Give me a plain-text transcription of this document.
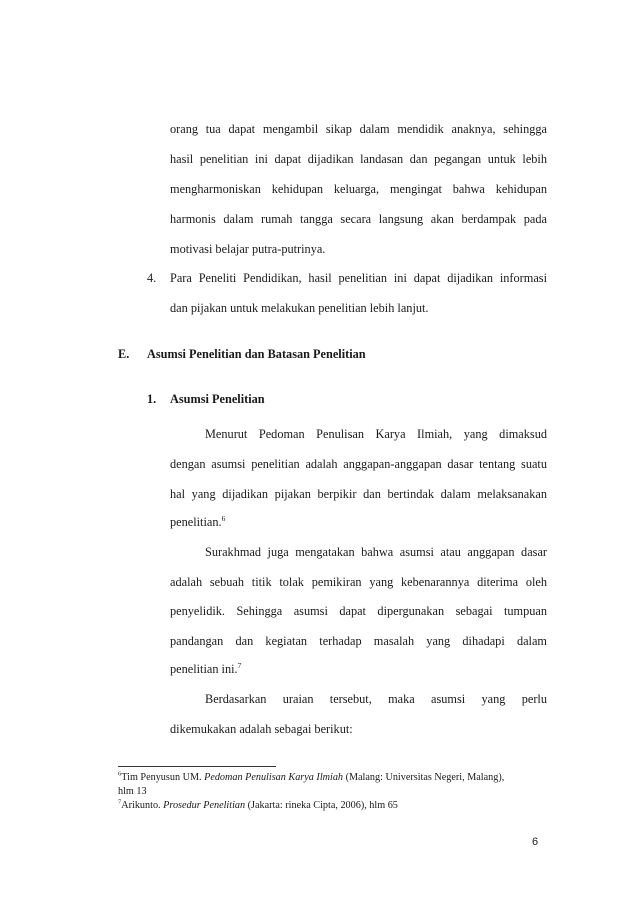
orang tua dapat mengambil sikap dalam mendidik anaknya, sehingga
hasil penelitian ini dapat dijadikan landasan dan pegangan untuk lebih
mengharmoniskan kehidupan keluarga, mengingat bahwa kehidupan
harmonis dalam rumah tangga secara langsung akan berdampak pada
motivasi belajar putra-putrinya.
4. Para Peneliti Pendidikan, hasil penelitian ini dapat dijadikan informasi
dan pijakan untuk melakukan penelitian lebih lanjut.
E. Asumsi Penelitian dan Batasan Penelitian
1. Asumsi Penelitian
Menurut Pedoman Penulisan Karya Ilmiah, yang dimaksud
dengan asumsi penelitian adalah anggapan-anggapan dasar tentang suatu
hal yang dijadikan pijakan berpikir dan bertindak dalam melaksanakan
penelitian.$^6$
Surakhmad juga mengatakan bahwa asumsi atau anggapan dasar
adalah sebuah titik tolak pemikiran yang kebenarannya diterima oleh
penyelidik. Sehingga asumsi dapat dipergunakan sebagai tumpuan
pandangan dan kegiatan terhadap masalah yang dihadapi dalam
penelitian ini.$^7$
Berdasarkan uraian tersebut, maka asumsi yang perlu
dikemukakan adalah sebagai berikut:
$^6$Tim Penyusun UM. Pedoman Penulisan Karya Ilmiah (Malang: Universitas Negeri, Malang),
hlm 13
$^7$Arikunto. Prosedur Penelitian (Jakarta: rineka Cipta, 2006), hlm 65
6
